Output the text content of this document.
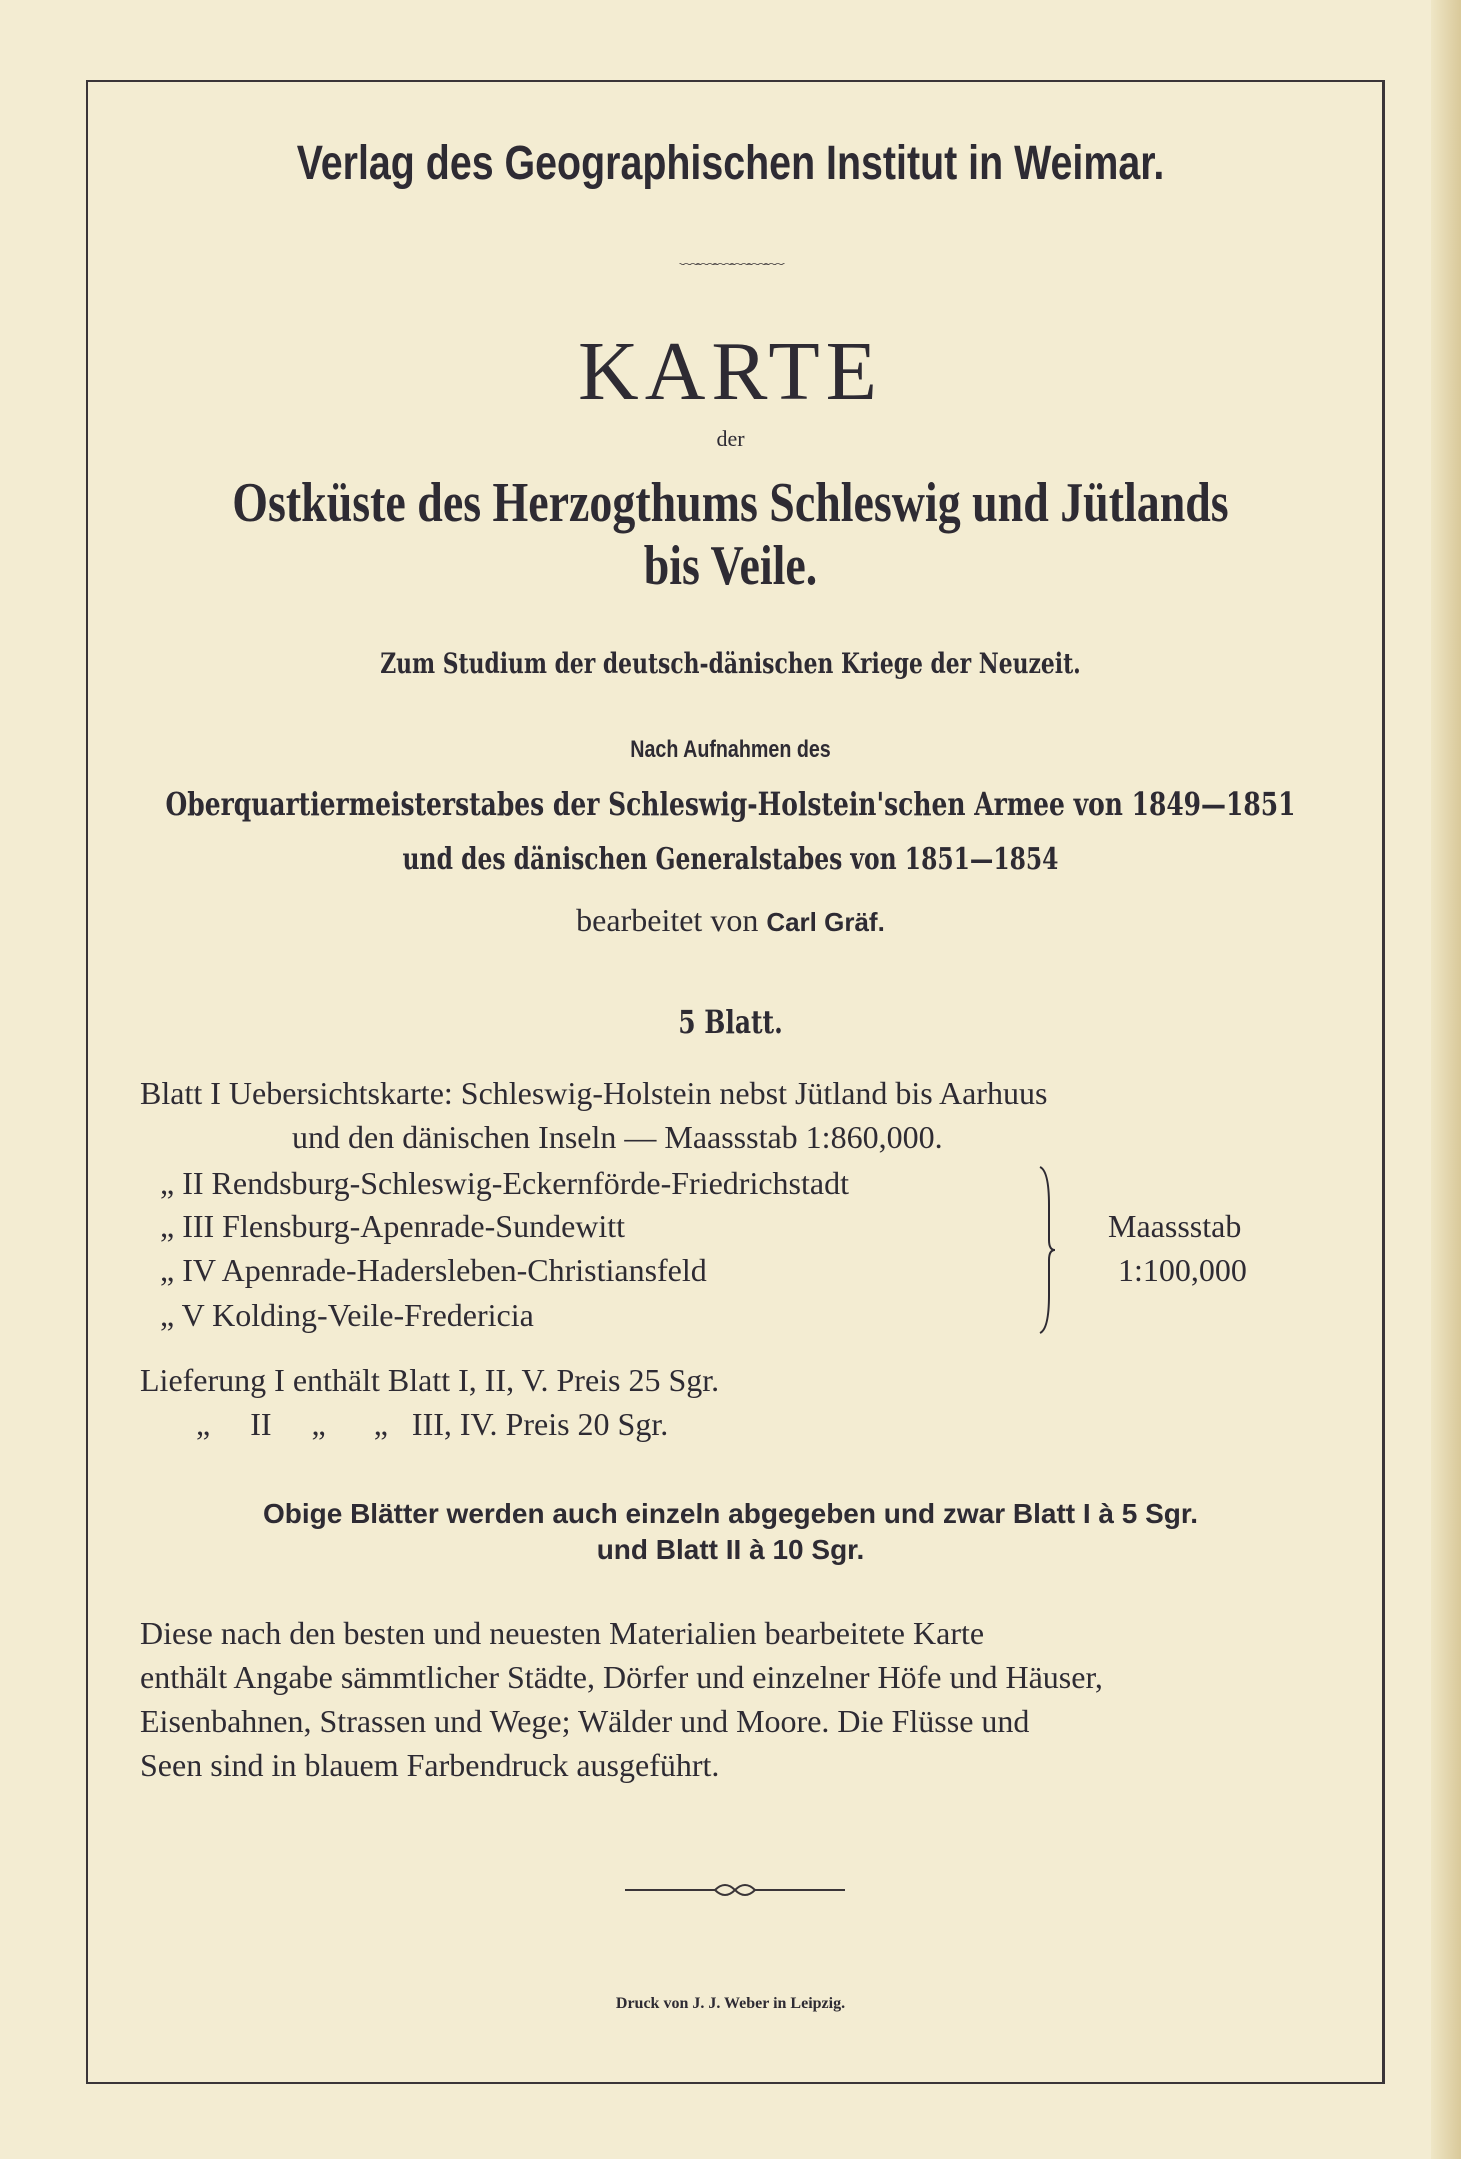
Verlag des Geographischen Institut in Weimar.
﹏﹏﹏﹏﹏﹏
KARTE
der
Ostküste des Herzogthums Schleswig und Jütlands
bis Veile.
Zum Studium der deutsch-dänischen Kriege der Neuzeit.
Nach Aufnahmen des
Oberquartiermeisterstabes der Schleswig-Holstein'schen Armee von 1849—1851
und des dänischen Generalstabes von 1851—1854
bearbeitet von Carl Gräf.
5 Blatt.
Blatt I Uebersichtskarte: Schleswig-Holstein nebst Jütland bis Aarhuus
und den dänischen Inseln — Maassstab 1:860,000.
„ II Rendsburg-Schleswig-Eckernförde-Friedrichstadt
„ III Flensburg-Apenrade-Sundewitt
„ IV Apenrade-Hadersleben-Christiansfeld
„ V Kolding-Veile-Fredericia
Maassstab
1:100,000
Lieferung I enthält Blatt I, II, V. Preis 25 Sgr.
„     II     „      „   III, IV. Preis 20 Sgr.
Obige Blätter werden auch einzeln abgegeben und zwar Blatt I à 5 Sgr.
und Blatt II à 10 Sgr.
Diese nach den besten und neuesten Materialien bearbeitete Karte
enthält Angabe sämmtlicher Städte, Dörfer und einzelner Höfe und Häuser,
Eisenbahnen, Strassen und Wege; Wälder und Moore. Die Flüsse und
Seen sind in blauem Farbendruck ausgeführt.
Druck von J. J. Weber in Leipzig.
